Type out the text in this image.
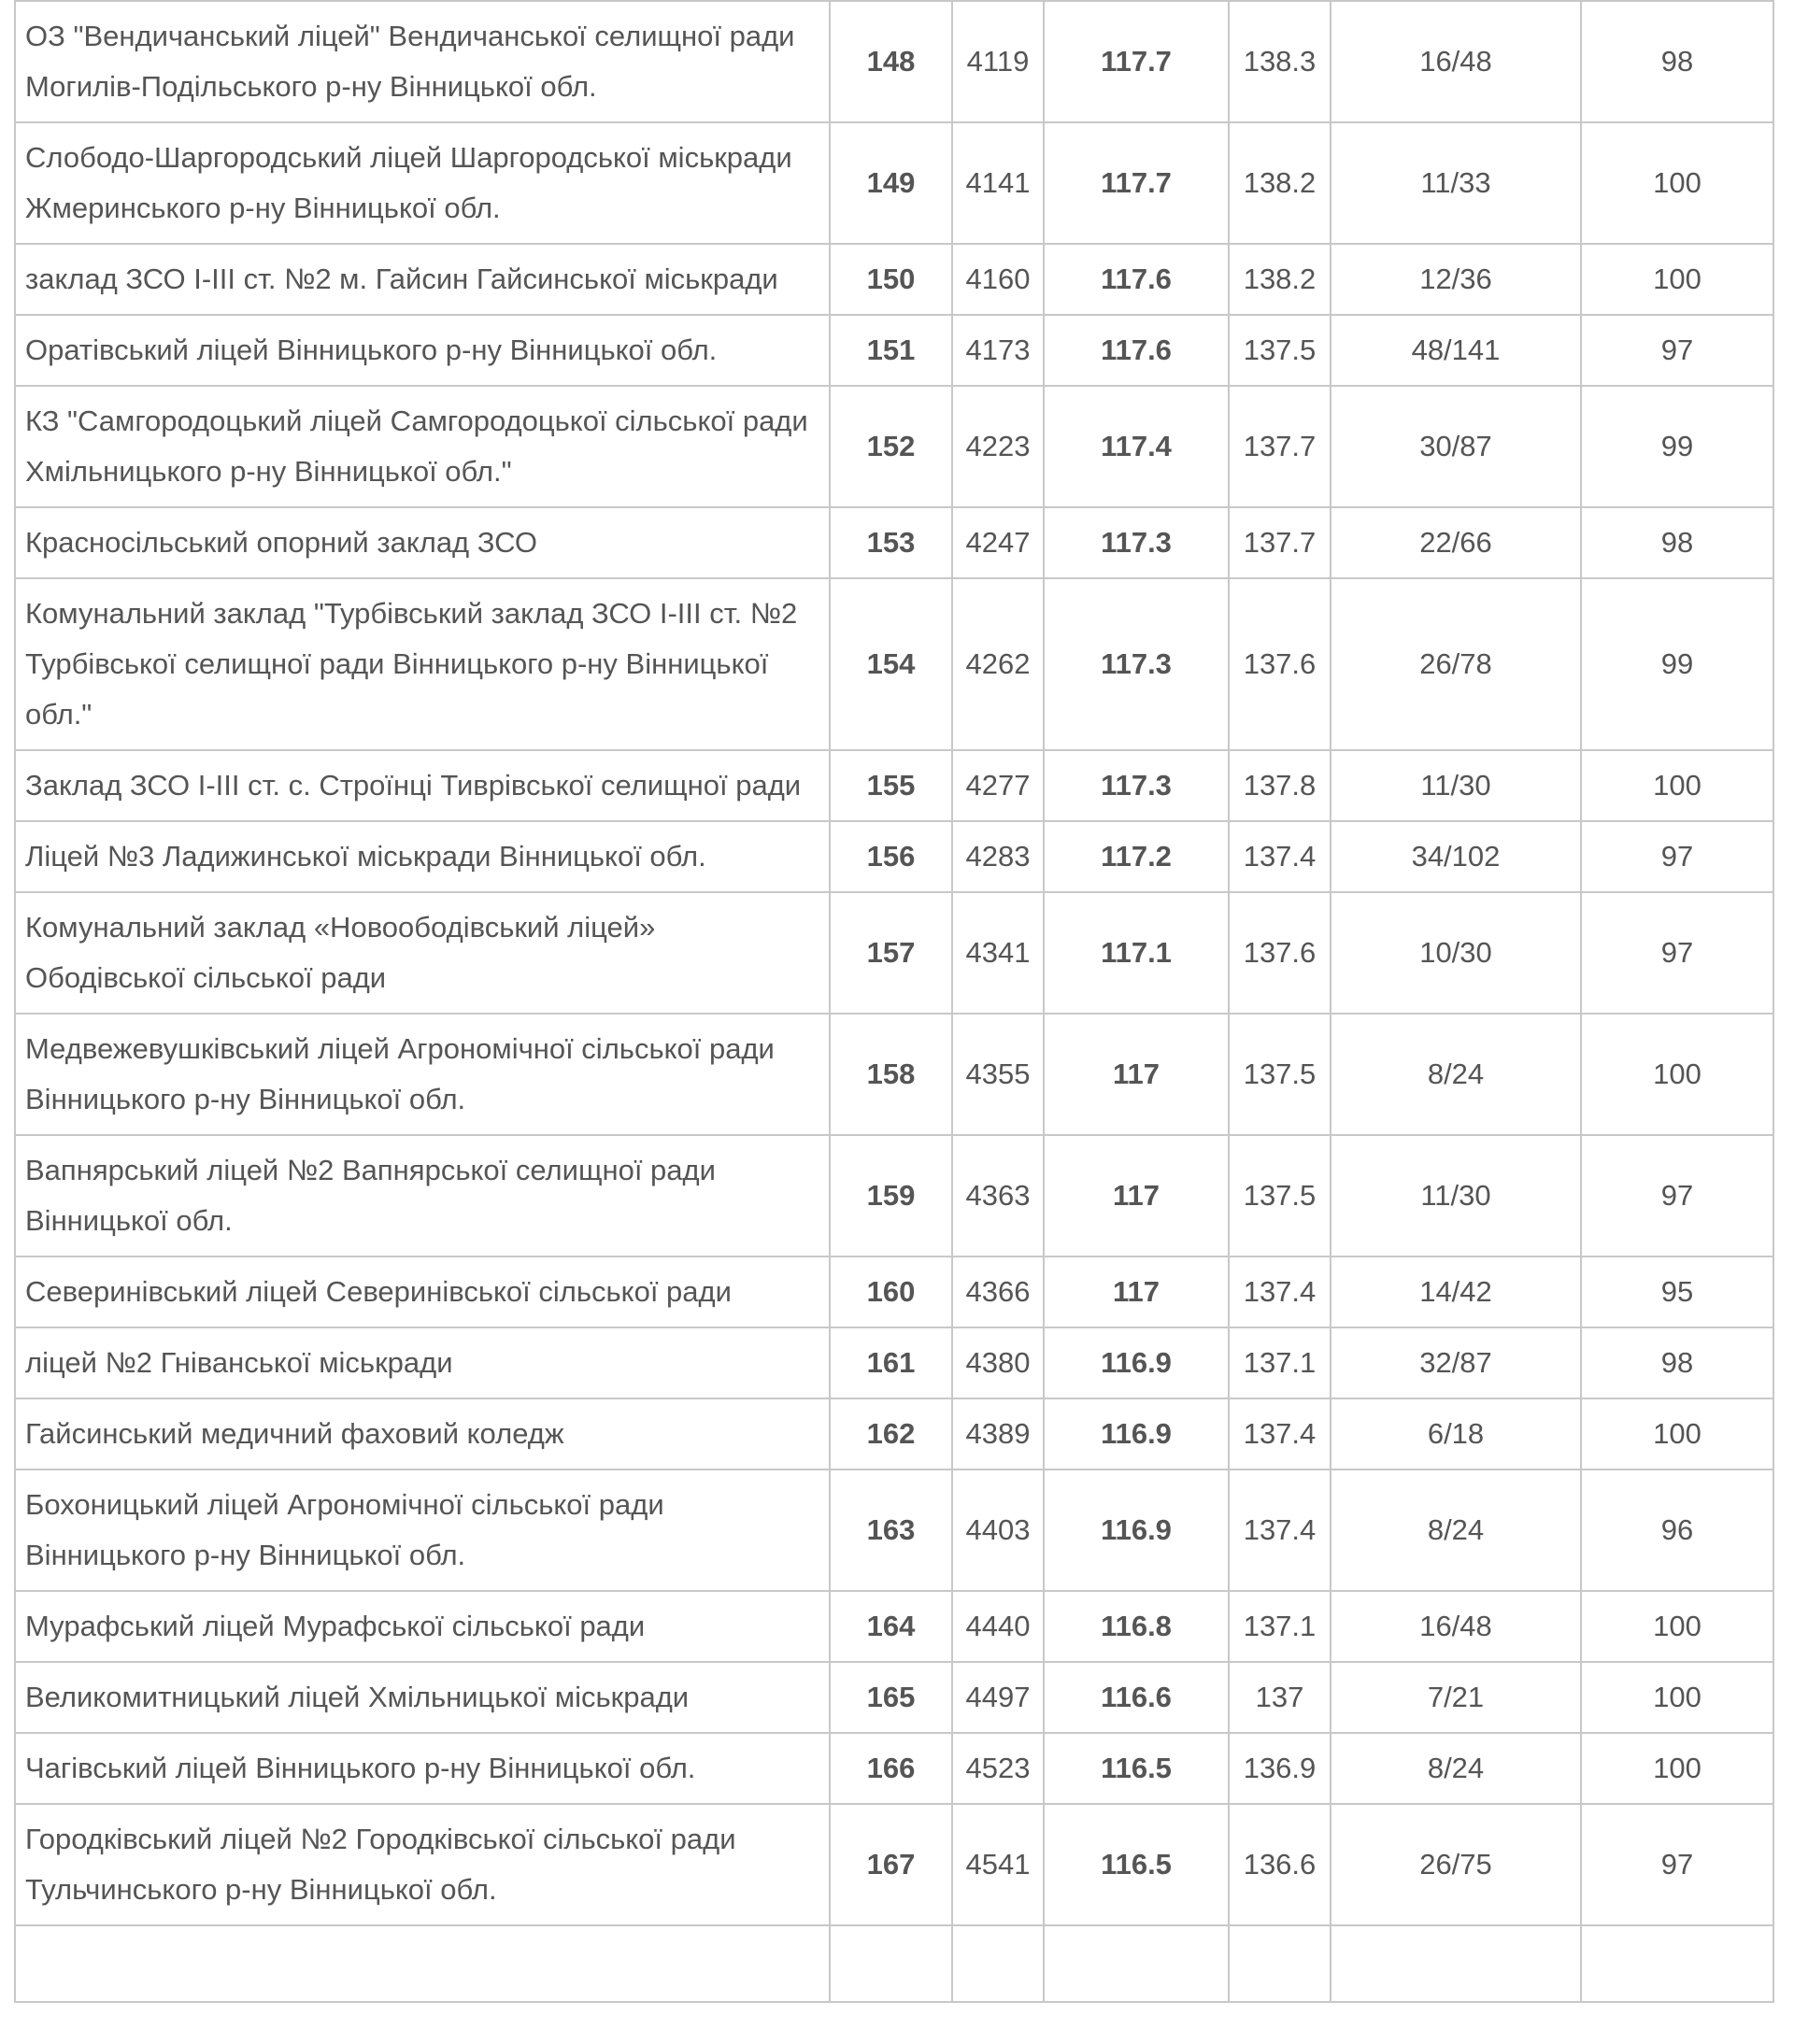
ОЗ "Вендичанський ліцей" Вендичанської селищної ради Могилів-Подільського р-ну Вінницької обл.	148	4119	117.7	138.3	16/48	98
Слободо-Шаргородський ліцей Шаргородської міськради Жмеринського р-ну Вінницької обл.	149	4141	117.7	138.2	11/33	100
заклад ЗСО I-III ст. №2 м. Гайсин Гайсинської міськради	150	4160	117.6	138.2	12/36	100
Оратівський ліцей Вінницького р-ну Вінницької обл.	151	4173	117.6	137.5	48/141	97
КЗ "Самгородоцький ліцей Самгородоцької сільської ради Хмільницького р-ну Вінницької обл."	152	4223	117.4	137.7	30/87	99
Красносільський опорний заклад ЗСО	153	4247	117.3	137.7	22/66	98
Комунальний заклад "Турбівський заклад ЗСО I-III ст. №2 Турбівської селищної ради Вінницького р-ну Вінницької обл."	154	4262	117.3	137.6	26/78	99
Заклад ЗСО I-III ст. с. Строїнці Тиврівської селищної ради	155	4277	117.3	137.8	11/30	100
Ліцей №3 Ладижинської міськради Вінницької обл.	156	4283	117.2	137.4	34/102	97
Комунальний заклад «Новоободівський ліцей» Ободівської сільської ради	157	4341	117.1	137.6	10/30	97
Медвежевушківський ліцей Агрономічної сільської ради Вінницького р-ну Вінницької обл.	158	4355	117	137.5	8/24	100
Вапнярський ліцей №2 Вапнярської селищної ради Вінницької обл.	159	4363	117	137.5	11/30	97
Северинівський ліцей Северинівської сільської ради	160	4366	117	137.4	14/42	95
ліцей №2 Гніванської міськради	161	4380	116.9	137.1	32/87	98
Гайсинський медичний фаховий коледж	162	4389	116.9	137.4	6/18	100
Бохоницький ліцей Агрономічної сільської ради Вінницького р-ну Вінницької обл.	163	4403	116.9	137.4	8/24	96
Мурафський ліцей Мурафської сільської ради	164	4440	116.8	137.1	16/48	100
Великомитницький ліцей Хмільницької міськради	165	4497	116.6	137	7/21	100
Чагівський ліцей Вінницького р-ну Вінницької обл.	166	4523	116.5	136.9	8/24	100
Городківський ліцей №2 Городківської сільської ради Тульчинського р-ну Вінницької обл.	167	4541	116.5	136.6	26/75	97
